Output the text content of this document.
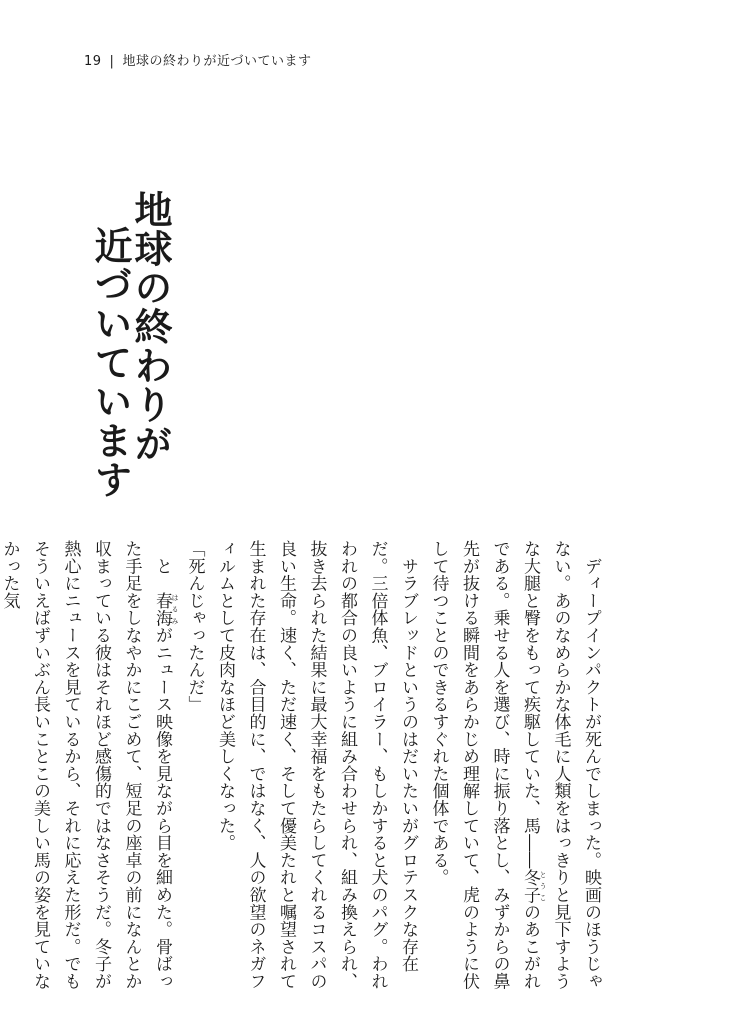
19 | 地球の終わりが近づいています
地球の終わりが
近づいています

　ディープインパクトが死んでしまった。映画のほうじゃない。あのなめらかな体毛に人類をはっきりと見下すような大腿と臀をもって疾駆していた、馬――冬子 とうこのあこがれである。乗せる人を選び、時に振り落とし、みずからの鼻先が抜ける瞬間をあらかじめ理解していて、虎のように伏して待つことのできるすぐれた個体である。

　サラブレッドというのはだいたいがグロテスクな存在だ。三倍体魚、ブロイラー、もしかすると犬のパグ。われわれの都合の良いように組み合わせられ、組み換えられ、抜き去られた結果に最大幸福をもたらしてくれるコスパの良い生命。速く、ただ速く、そして優美たれと嘱望されて生まれた存在は、合目的に、ではなく、人の欲望のネガフィルムとして皮肉なほど美しくなった。

「死んじゃったんだ」

　と　春海 はるみがニュース映像を見ながら目を細めた。骨ばった手足をしなやかにこごめて、短足の座卓の前になんとか収まっている彼はそれほど感傷的ではなさそうだ。冬子が熱心にニュースを見ているから、それに応えた形だ。でもそういえばずいぶん長いことこの美しい馬の姿を見ていなかった気
